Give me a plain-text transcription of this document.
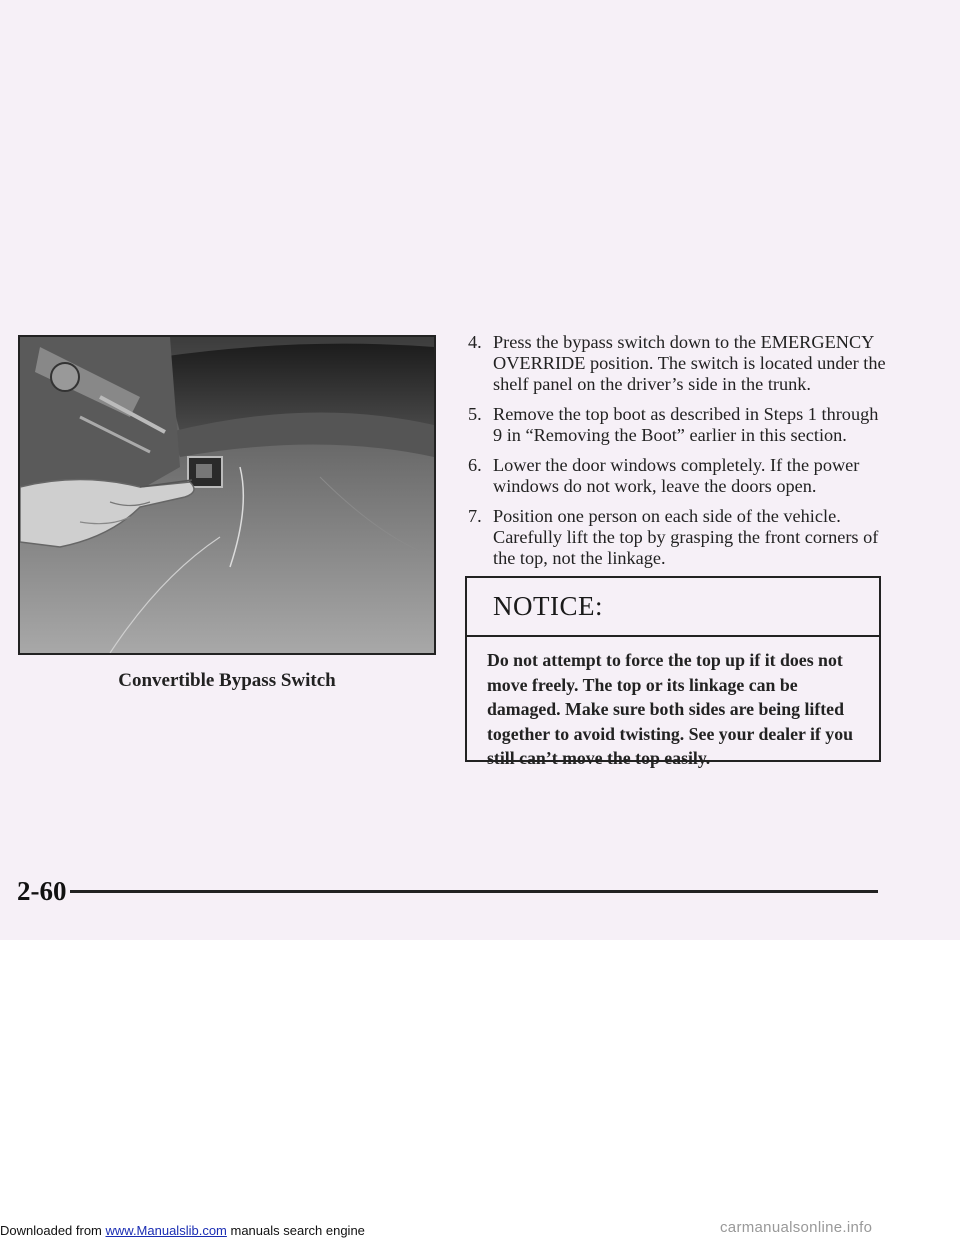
Convertible Bypass Switch
4. Press the bypass switch down to the EMERGENCY OVERRIDE position. The switch is located under the shelf panel on the driver’s side in the trunk.
5. Remove the top boot as described in Steps 1 through 9 in “Removing the Boot” earlier in this section.
6. Lower the door windows completely. If the power windows do not work, leave the doors open.
7. Position one person on each side of the vehicle. Carefully lift the top by grasping the front corners of the top, not the linkage.
NOTICE:
Do not attempt to force the top up if it does not move freely. The top or its linkage can be damaged. Make sure both sides are being lifted together to avoid twisting. See your dealer if you still can’t move the top easily.
2-60
Downloaded from www.Manualslib.com manuals search engine	carmanualsonline.info
